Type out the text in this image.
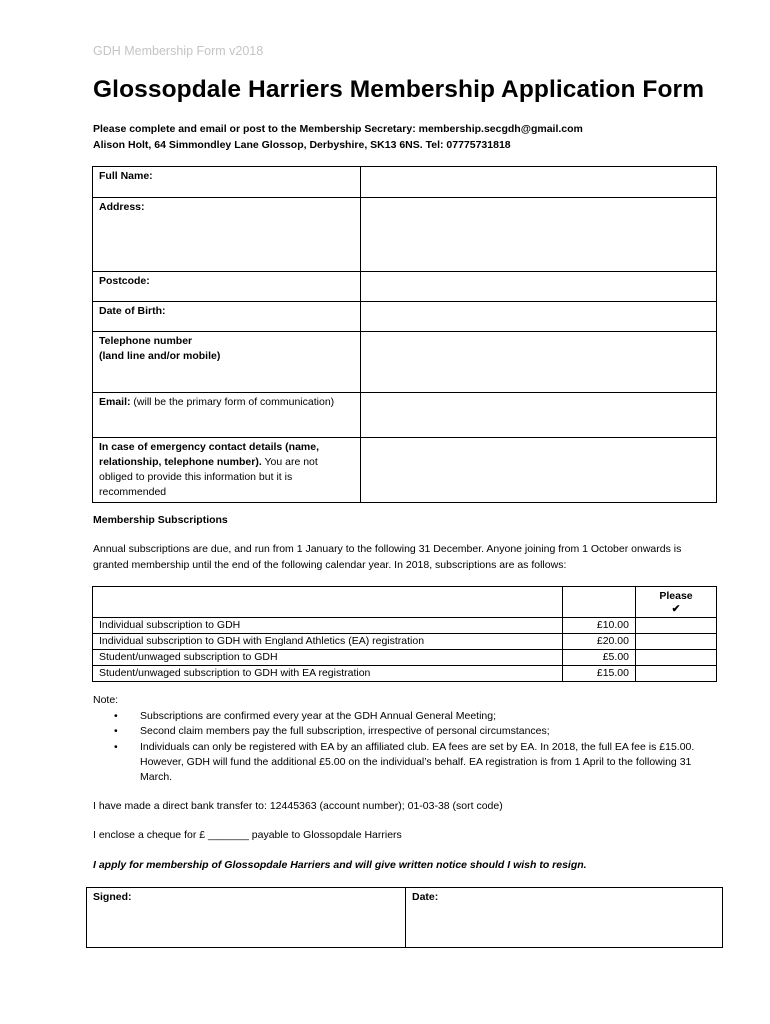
GDH Membership Form v2018
Glossopdale Harriers Membership Application Form
Please complete and email or post to the Membership Secretary: membership.secgdh@gmail.com
Alison Holt, 64 Simmondley Lane Glossop, Derbyshire, SK13 6NS. Tel: 07775731818
Full Name:	
Address:	
Postcode:	
Date of Birth:	

Telephone number
(land line and/or mobile)	

Email: (will be the primary form of communication)	
In case of emergency contact details (name, relationship, telephone number). You are not obliged to provide this information but it is recommended	
Membership Subscriptions
Annual subscriptions are due, and run from 1 January to the following 31 December. Anyone joining from 1 October onwards is granted membership until the end of the following calendar year. In 2018, subscriptions are as follows:

		Please
✔

Individual subscription to GDH	£10.00	
Individual subscription to GDH with England Athletics (EA) registration	£20.00	
Student/unwaged subscription to GDH	£5.00	
Student/unwaged subscription to GDH with EA registration	£15.00	
Note:
• Subscriptions are confirmed every year at the GDH Annual General Meeting;
• Second claim members pay the full subscription, irrespective of personal circumstances;
• Individuals can only be registered with EA by an affiliated club. EA fees are set by EA. In 2018, the full EA fee is £15.00. However, GDH will fund the additional £5.00 on the individual’s behalf. EA registration is from 1 April to the following 31 March.
I have made a direct bank transfer to: 12445363 (account number); 01-03-38 (sort code)
I enclose a cheque for £ _______ payable to Glossopdale Harriers
I apply for membership of Glossopdale Harriers and will give written notice should I wish to resign.
Signed:	Date:
